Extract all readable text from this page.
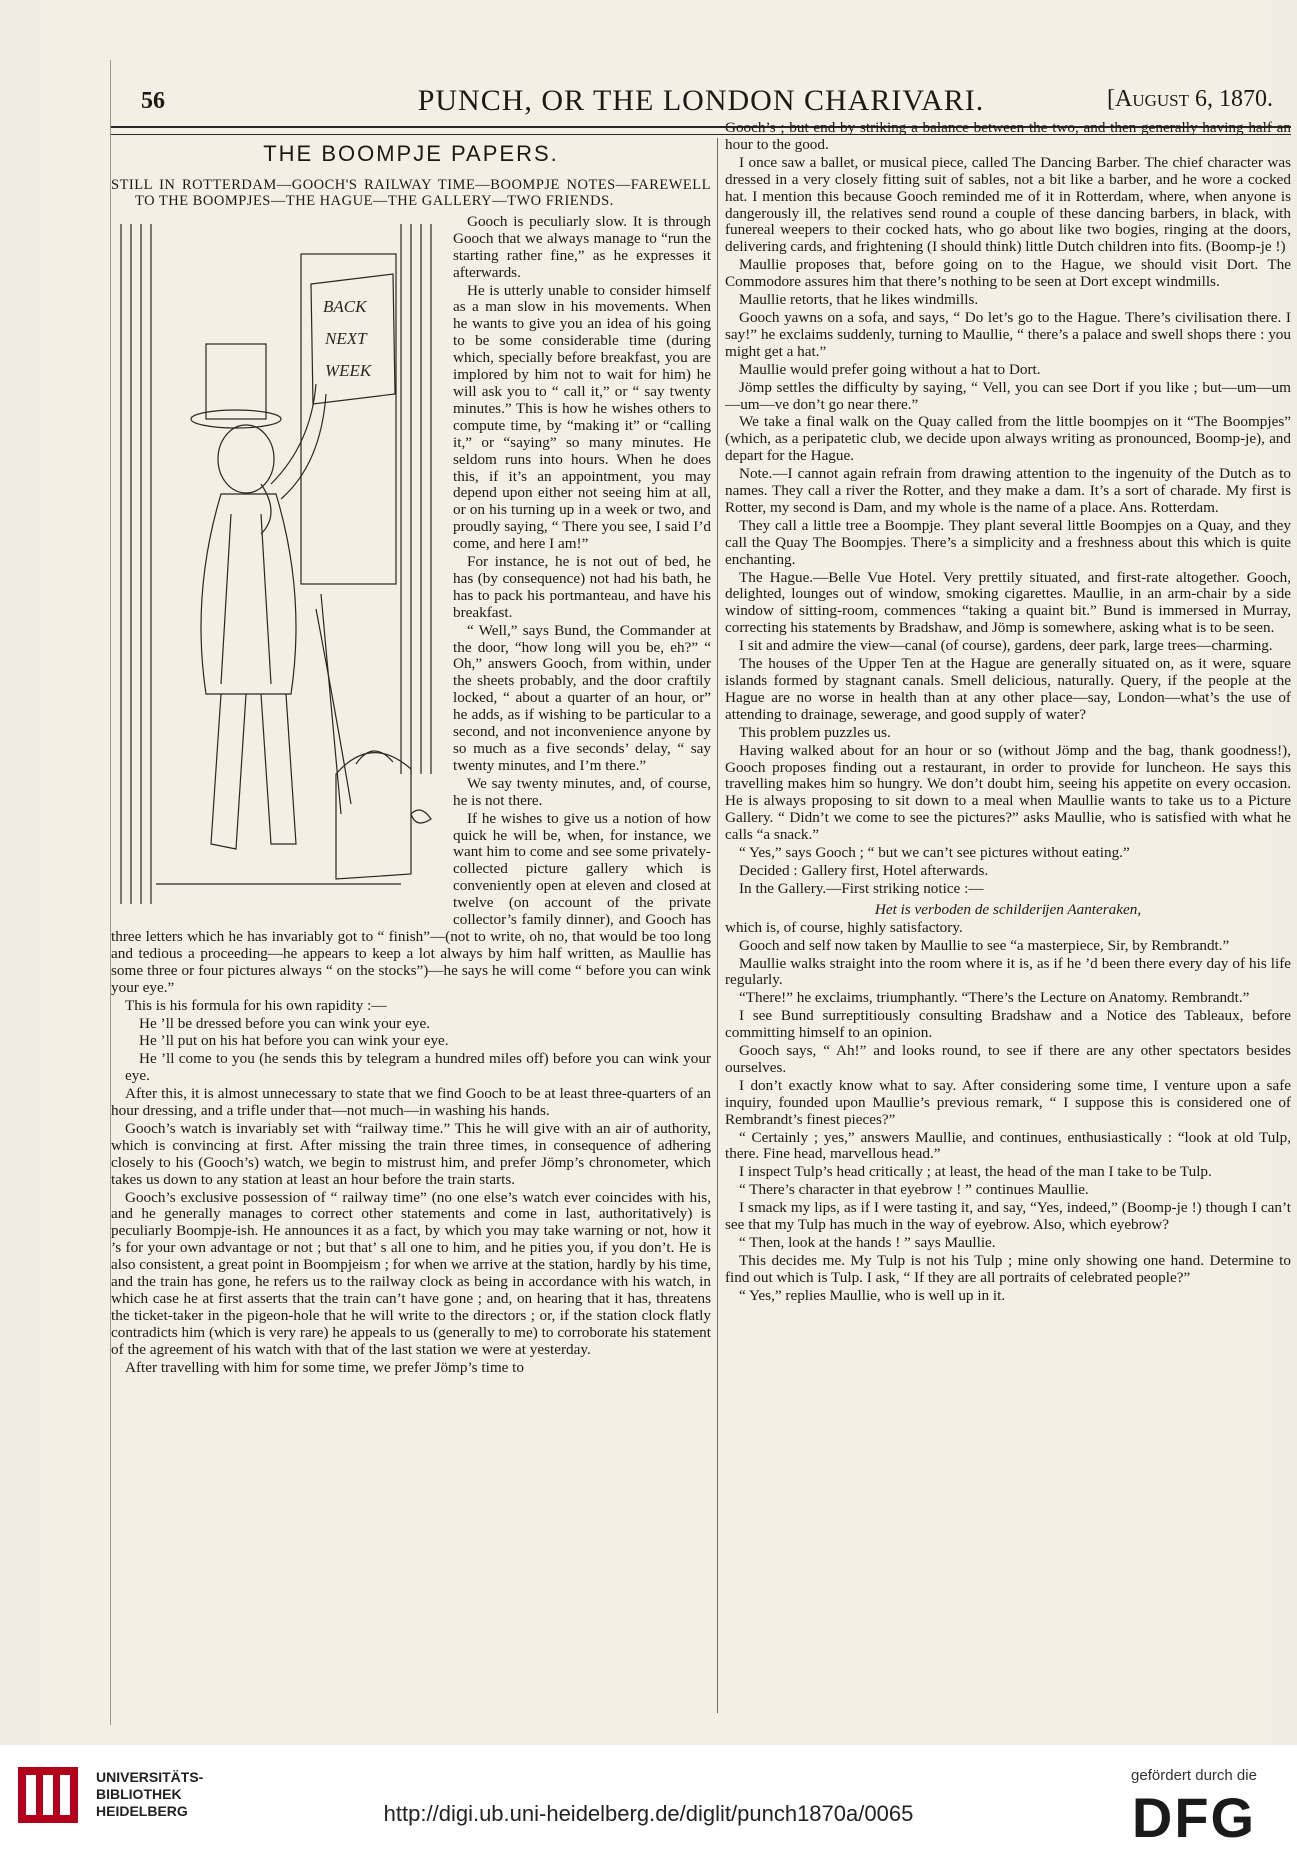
56	PUNCH, OR THE LONDON CHARIVARI.	[August 6, 1870.
THE BOOMPJE PAPERS.
STILL IN ROTTERDAM—GOOCH'S RAILWAY TIME—BOOMPJE NOTES—FAREWELL TO THE BOOMPJES—THE HAGUE—THE GALLERY—TWO FRIENDS.
BACK
NEXT
WEEK

Gooch is peculiarly slow. It is through Gooch that we always manage to “run the starting rather fine,” as he expresses it afterwards.

He is utterly unable to consider himself as a man slow in his movements. When he wants to give you an idea of his going to be some considerable time (during which, specially before breakfast, you are implored by him not to wait for him) he will ask you to “ call it,” or “ say twenty minutes.” This is how he wishes others to compute time, by “making it” or “calling it,” or “saying” so many minutes. He seldom runs into hours. When he does this, if it’s an appointment, you may depend upon either not seeing him at all, or on his turning up in a week or two, and proudly saying, “ There you see, I said I’d come, and here I am!”

For instance, he is not out of bed, he has (by consequence) not had his bath, he has to pack his portmanteau, and have his breakfast.

“ Well,” says Bund, the Commander at the door, “how long will you be, eh?” “ Oh,” answers Gooch, from within, under the sheets probably, and the door craftily locked, “ about a quarter of an hour, or” he adds, as if wishing to be particular to a second, and not inconvenience anyone by so much as a five seconds’ delay, “ say twenty minutes, and I’m there.”

We say twenty minutes, and, of course, he is not there.

If he wishes to give us a notion of how quick he will be, when, for instance, we want him to come and see some privately-collected picture gallery which is conveniently open at eleven and closed at twelve (on account of the private collector’s family dinner), and Gooch has three letters which he has invariably got to “ finish”—(not to write, oh no, that would be too long and tedious a proceeding—he appears to keep a lot always by him half written, as Maullie has some three or four pictures always “ on the stocks”)—he says he will come “ before you can wink your eye.”

This is his formula for his own rapidity :—

He ’ll be dressed before you can wink your eye.

He ’ll put on his hat before you can wink your eye.

He ’ll come to you (he sends this by telegram a hundred miles off) before you can wink your eye.

After this, it is almost unnecessary to state that we find Gooch to be at least three-quarters of an hour dressing, and a trifle under that—not much—in washing his hands.

Gooch’s watch is invariably set with “railway time.” This he will give with an air of authority, which is convincing at first. After missing the train three times, in consequence of adhering closely to his (Gooch’s) watch, we begin to mistrust him, and prefer Jömp’s chronometer, which takes us down to any station at least an hour before the train starts.

Gooch’s exclusive possession of “ railway time” (no one else’s watch ever coincides with his, and he generally manages to correct other statements and come in last, authoritatively) is peculiarly Boompje-ish. He announces it as a fact, by which you may take warning or not, how it ’s for your own advantage or not ; but that’ s all one to him, and he pities you, if you don’t. He is also consistent, a great point in Boompjeism ; for when we arrive at the station, hardly by his time, and the train has gone, he refers us to the railway clock as being in accordance with his watch, in which case he at first asserts that the train can’t have gone ; and, on hearing that it has, threatens the ticket-taker in the pigeon-hole that he will write to the directors ; or, if the station clock flatly contradicts him (which is very rare) he appeals to us (generally to me) to corroborate his statement of the agreement of his watch with that of the last station we were at yesterday.

After travelling with him for some time, we prefer Jömp’s time to

Gooch’s ; but end by striking a balance between the two, and then generally having half an hour to the good.

I once saw a ballet, or musical piece, called The Dancing Barber. The chief character was dressed in a very closely fitting suit of sables, not a bit like a barber, and he wore a cocked hat. I mention this because Gooch reminded me of it in Rotterdam, where, when anyone is dangerously ill, the relatives send round a couple of these dancing barbers, in black, with funereal weepers to their cocked hats, who go about like two bogies, ringing at the doors, delivering cards, and frightening (I should think) little Dutch children into fits. (Boomp-je !)

Maullie proposes that, before going on to the Hague, we should visit Dort. The Commodore assures him that there’s nothing to be seen at Dort except windmills.

Maullie retorts, that he likes windmills.

Gooch yawns on a sofa, and says, “ Do let’s go to the Hague. There’s civilisation there. I say!” he exclaims suddenly, turning to Maullie, “ there’s a palace and swell shops there : you might get a hat.”

Maullie would prefer going without a hat to Dort.

Jömp settles the difficulty by saying, “ Vell, you can see Dort if you like ; but—um—um—um—ve don’t go near there.”

We take a final walk on the Quay called from the little boompjes on it “The Boompjes” (which, as a peripatetic club, we decide upon always writing as pronounced, Boomp-je), and depart for the Hague.

Note.—I cannot again refrain from drawing attention to the ingenuity of the Dutch as to names. They call a river the Rotter, and they make a dam. It’s a sort of charade. My first is Rotter, my second is Dam, and my whole is the name of a place. Ans. Rotterdam.

They call a little tree a Boompje. They plant several little Boompjes on a Quay, and they call the Quay The Boompjes. There’s a simplicity and a freshness about this which is quite enchanting.

The Hague.—Belle Vue Hotel. Very prettily situated, and first-rate altogether. Gooch, delighted, lounges out of window, smoking cigarettes. Maullie, in an arm-chair by a side window of sitting-room, commences “taking a quaint bit.” Bund is immersed in Murray, correcting his statements by Bradshaw, and Jömp is somewhere, asking what is to be seen.

I sit and admire the view—canal (of course), gardens, deer park, large trees—charming.

The houses of the Upper Ten at the Hague are generally situated on, as it were, square islands formed by stagnant canals. Smell delicious, naturally. Query, if the people at the Hague are no worse in health than at any other place—say, London—what’s the use of attending to drainage, sewerage, and good supply of water?

This problem puzzles us.

Having walked about for an hour or so (without Jömp and the bag, thank goodness!), Gooch proposes finding out a restaurant, in order to provide for luncheon. He says this travelling makes him so hungry. We don’t doubt him, seeing his appetite on every occasion. He is always proposing to sit down to a meal when Maullie wants to take us to a Picture Gallery. “ Didn’t we come to see the pictures?” asks Maullie, who is satisfied with what he calls “a snack.”

“ Yes,” says Gooch ; “ but we can’t see pictures without eating.”

Decided : Gallery first, Hotel afterwards.

In the Gallery.—First striking notice :—

Het is verboden de schilderĳen Aanteraken,

which is, of course, highly satisfactory.

Gooch and self now taken by Maullie to see “a masterpiece, Sir, by Rembrandt.”

Maullie walks straight into the room where it is, as if he ’d been there every day of his life regularly.

“There!” he exclaims, triumphantly. “There’s the Lecture on Anatomy. Rembrandt.”

I see Bund surreptitiously consulting Bradshaw and a Notice des Tableaux, before committing himself to an opinion.

Gooch says, “ Ah!” and looks round, to see if there are any other spectators besides ourselves.

I don’t exactly know what to say. After considering some time, I venture upon a safe inquiry, founded upon Maullie’s previous remark, “ I suppose this is considered one of Rembrandt’s finest pieces?”

“ Certainly ; yes,” answers Maullie, and continues, enthusiastically : “look at old Tulp, there. Fine head, marvellous head.”

I inspect Tulp’s head critically ; at least, the head of the man I take to be Tulp.

“ There’s character in that eyebrow ! ” continues Maullie.

I smack my lips, as if I were tasting it, and say, “Yes, indeed,” (Boomp-je !) though I can’t see that my Tulp has much in the way of eyebrow. Also, which eyebrow?

“ Then, look at the hands ! ” says Maullie.

This decides me. My Tulp is not his Tulp ; mine only showing one hand. Determine to find out which is Tulp. I ask, “ If they are all portraits of celebrated people?”

“ Yes,” replies Maullie, who is well up in it.

UNIVERSITÄTS-
BIBLIOTHEK
HEIDELBERG	http://digi.ub.uni-heidelberg.de/diglit/punch1870a/0065
gefördert durch die
DFG
